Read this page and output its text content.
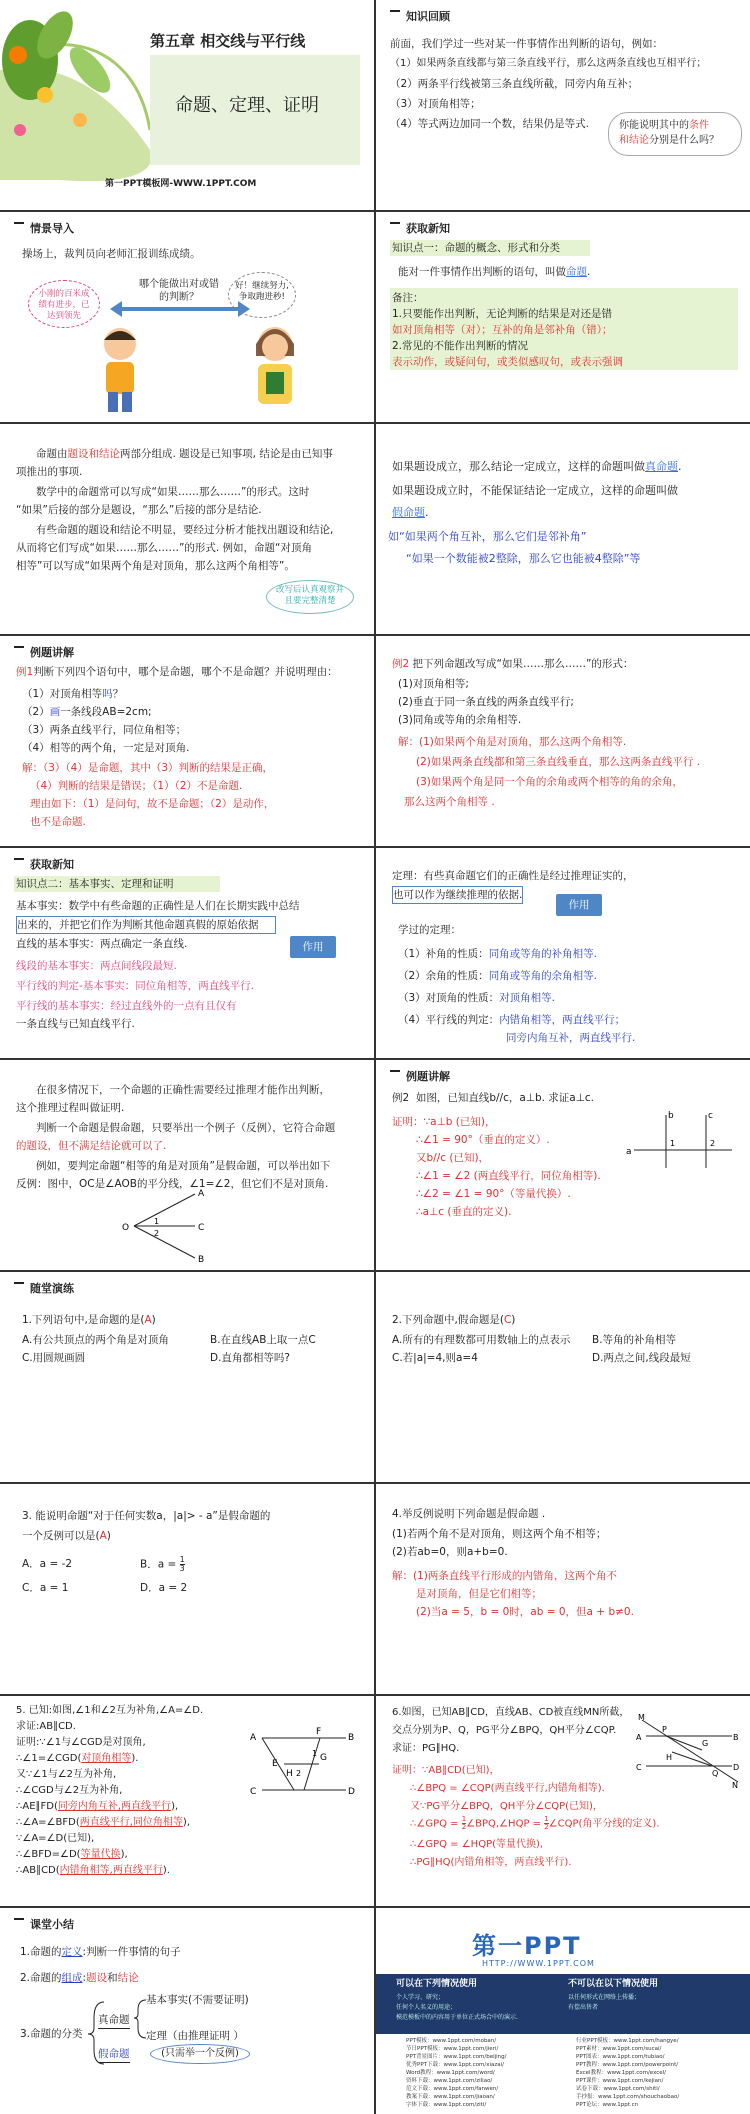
第五章 相交线与平行线
命题、定理、证明
第一PPT模板网-WWW.1PPT.COM
知识回顾
前面，我们学过一些对某一件事情作出判断的语句，例如：
（1）如果两条直线都与第三条直线平行，那么这两条直线也互相平行；
（2）两条平行线被第三条直线所截，同旁内角互补；
（3）对顶角相等；
（4）等式两边加同一个数，结果仍是等式.	你能说明其中的条件
和结论分别是什么吗？
情景导入
操场上，裁判员向老师汇报训练成绩。
小刚的百米成绩有进步，已达到领先
哪个能做出对或错的判断？
好！继续努力,争取跑进秒!
获取新知
知识点一：命题的概念、形式和分类
能对一件事情作出判断的语句，叫做命题.
备注：
1.只要能作出判断，无论判断的结果是对还是错
如对顶角相等（对）；互补的角是邻补角（错）；
2.常见的不能作出判断的情况
表示动作，或疑问句，或类似感叹句，或表示强调
命题由题设和结论两部分组成. 题设是已知事项, 结论是由已知事
项推出的事项.
数学中的命题常可以写成“如果……那么……”的形式。这时
“如果”后接的部分是题设，“那么”后接的部分是结论.
有些命题的题设和结论不明显，要经过分析才能找出题设和结论,
从而将它们写成“如果……那么……”的形式. 例如，命题“对顶角
相等”可以写成“如果两个角是对顶角，那么这两个角相等”。
改写后认真观察并且要完整清楚
如果题设成立，那么结论一定成立，这样的命题叫做真命题.
如果题设成立时，不能保证结论一定成立，这样的命题叫做
假命题.
如“如果两个角互补，那么它们是邻补角”
“如果一个数能被2整除，那么它也能被4整除”等
例题讲解
例1判断下列四个语句中，哪个是命题，哪个不是命题？并说明理由：
（1）对顶角相等吗？
（2）画一条线段AB=2cm;
（3）两条直线平行，同位角相等；
（4）相等的两个角，一定是对顶角.
解：（3）（4）是命题，其中（3）判断的结果是正确，
（4）判断的结果是错误；（1）（2）不是命题.
理由如下：（1）是问句，故不是命题；（2）是动作，
也不是命题.
例2 把下列命题改写成“如果……那么……”的形式：
(1)对顶角相等;
(2)垂直于同一条直线的两条直线平行;
(3)同角或等角的余角相等.
解：(1)如果两个角是对顶角，那么这两个角相等.
(2)如果两条直线都和第三条直线垂直，那么这两条直线平行 .
(3)如果两个角是同一个角的余角或两个相等的角的余角，
那么这两个角相等 .
获取新知
知识点二：基本事实、定理和证明
基本事实：数学中有些命题的正确性是人们在长期实践中总结
出来的，并把它们作为判断其他命题真假的原始依据
作用
直线的基本事实：两点确定一条直线.
线段的基本事实：两点间线段最短.
平行线的判定-基本事实：同位角相等，两直线平行.
平行线的基本事实：经过直线外的一点有且仅有
一条直线与已知直线平行.
定理：有些真命题它们的正确性是经过推理证实的，
也可以作为继续推理的依据.
作用
学过的定理：
（1）补角的性质：同角或等角的补角相等.
（2）余角的性质：同角或等角的余角相等.
（3）对顶角的性质：对顶角相等.
（4）平行线的判定：内错角相等，两直线平行；
同旁内角互补，两直线平行.
在很多情况下，一个命题的正确性需要经过推理才能作出判断，
这个推理过程叫做证明.
判断一个命题是假命题，只要举出一个例子（反例），它符合命题
的题设，但不满足结论就可以了.
例如，要判定命题“相等的角是对顶角”是假命题，可以举出如下
反例：图中，OC是∠AOB的平分线，∠1=∠2，但它们不是对顶角.
A
O
1
2
C
B
例题讲解
例2  如图，已知直线b//c，a⊥b. 求证a⊥c.
证明：∵a⊥b (已知)，
∴∠1 = 90°（垂直的定义）.
又b//c (已知)，
∴∠1 = ∠2 (两直线平行，同位角相等).
∴∠2 = ∠1 = 90°（等量代换）.
∴a⊥c (垂直的定义).
a
b	c
1	2
随堂演练
1.下列语句中,是命题的是(A)
A.有公共顶点的两个角是对顶角	B.在直线AB上取一点C
C.用圆规画圆	D.直角都相等吗?
2.下列命题中,假命题是(C)
A.所有的有理数都可用数轴上的点表示 B.等角的补角相等
C.若|a|=4,则a=4	D.两点之间,线段最短
3. 能说明命题“对于任何实数a，|a|> - a”是假命题的
一个反例可以是(A)
A．a = -2	B．$a = \frac{1}{3}$
C．a = 1	D．a = 2
4.举反例说明下列命题是假命题 .
(1)若两个角不是对顶角，则这两个角不相等；
(2)若ab=0，则a+b=0.
解：(1)两条直线平行形成的内错角，这两个角不
是对顶角，但是它们相等；
(2)当a = 5，b = 0时，ab = 0，但a + b≠0.
5. 已知:如图,∠1和∠2互为补角,∠A=∠D.
求证:AB∥CD.
证明:∵∠1与∠CGD是对顶角,
∴∠1=∠CGD(对顶角相等).
又∵∠1与∠2互为补角,
∴∠CGD与∠2互为补角,
∴AE∥FD(同旁内角互补,两直线平行),
∴∠A=∠BFD(两直线平行,同位角相等),
∵∠A=∠D(已知),
∴∠BFD=∠D(等量代换),
∴AB∥CD(内错角相等,两直线平行).
A
F
B
E
G
H
C	D
1
2
6.如图，已知AB∥CD，直线AB、CD被直线MN所截，
交点分别为P、Q，PG平分∠BPQ，QH平分∠CQP.
求证：PG∥HQ.
证明：∵AB∥CD(已知)，
∴∠BPQ = ∠CQP(两直线平行,内错角相等).
又∵PG平分∠BPQ，QH平分∠CQP(已知)，
∴∠GPQ = $\frac{1}{2}$ ∠BPQ,∠HQP = $\frac{1}{2}$ ∠CQP(角平分线的定义).
∴∠GPQ = ∠HQP(等量代换),
∴PG∥HQ(内错角相等，两直线平行).
M
A	B
C	D
N
P
Q
G
H
课堂小结
1.命题的定义:判断一件事情的句子
2.命题的组成:题设和结论
3.命题的分类
真命题
假命题
基本事实(不需要证明)
定理（由推理证明 ）
(只需举一个反例)
第一PPT
HTTP://WWW.1PPT.COM
可以在下列情况使用	不可以在以下情况使用
个人学习、研究；
任何个人名义的用途；
模范模板中的内容用于单位正式场合中的演示.
以任何形式在网络上传播；
有偿出售者
PPT模板：www.1ppt.com/moban/
节日PPT模板：www.1ppt.com/jieri/
PPT背景图片：www.1ppt.com/beijing/
优秀PPT下载：www.1ppt.com/xiazai/
Word教程：www.1ppt.com/word/
资料下载：www.1ppt.com/ziliao/
范文下载：www.1ppt.com/fanwen/
教案下载：www.1ppt.com/jiaoan/
字体下载：www.1ppt.com/ziti/
行业PPT模板：www.1ppt.com/hangye/
PPT素材：www.1ppt.com/sucai/
PPT图表：www.1ppt.com/tubiao/
PPT教程：www.1ppt.com/powerpoint/
Excel教程：www.1ppt.com/excel/
PPT课件：www.1ppt.com/kejian/
试卷下载：www.1ppt.com/shiti/
手抄报：www.1ppt.com/shouchaobao/
PPT论坛：www.1ppt.cn
